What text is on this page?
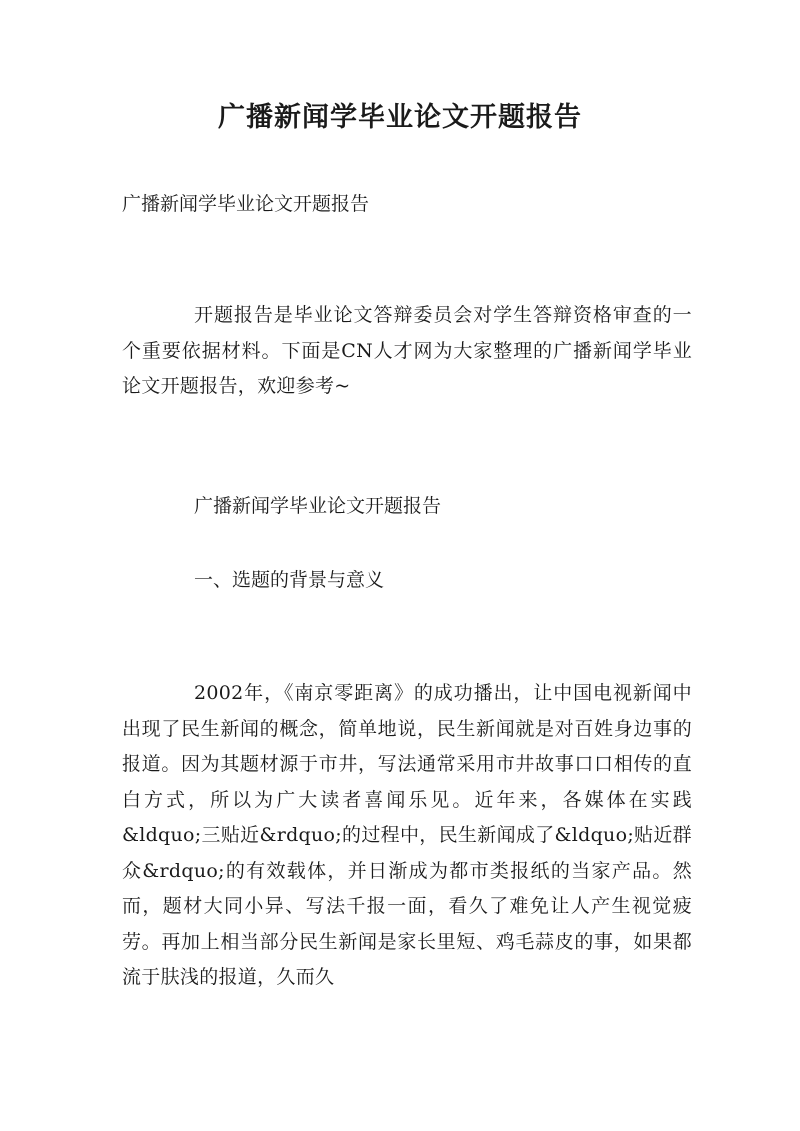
广播新闻学毕业论文开题报告

广播新闻学毕业论文开题报告

开题报告是毕业论文答辩委员会对学生答辩资格审查的一个重要依据材料。下面是CN人才网为大家整理的广播新闻学毕业论文开题报告，欢迎参考~

广播新闻学毕业论文开题报告

一、选题的背景与意义

2002年，《南京零距离》的成功播出，让中国电视新闻中出现了民生新闻的概念，简单地说，民生新闻就是对百姓身边事的报道。因为其题材源于市井，写法通常采用市井故事口口相传的直白方式，所以为广大读者喜闻乐见。近年来，各媒体在实践&ldquo;三贴近&rdquo;的过程中，民生新闻成了&ldquo;贴近群众&rdquo;的有效载体，并日渐成为都市类报纸的当家产品。然而，题材大同小异、写法千报一面，看久了难免让人产生视觉疲劳。再加上相当部分民生新闻是家长里短、鸡毛蒜皮的事，如果都流于肤浅的报道，久而久
